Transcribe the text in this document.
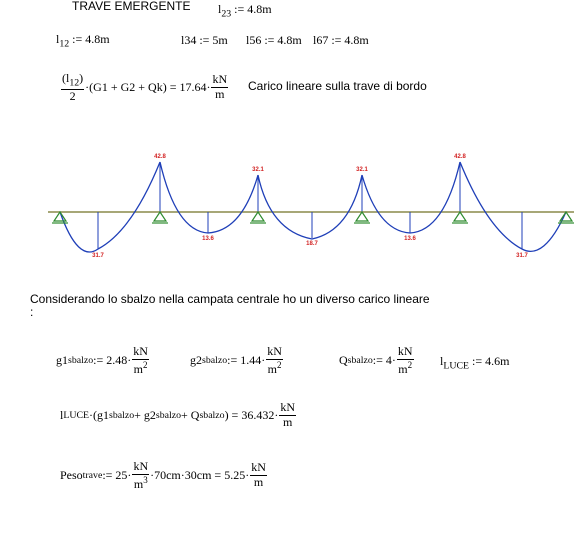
TRAVE EMERGENTE $l_{23}$ := 4.8m
$l_{12}$ := 4.8m	l34 := 5m l56 := 4.8m l67 := 4.8m
$\frac{(l_{12})}{2} \cdot(G1 + G2 + Qk) = 17.64\cdot \frac{kN}{m}$ Carico lineare sulla trave di bordo
42.8
32.1	32.1
42.8
31.7
13.6
18.7
13.6
31.7
Considerando lo sbalzo nella campata centrale ho un diverso carico lineare
:
g1 sbalzo := $2.48\cdot \frac{kN}{m^2}$	g2 sbalzo := $1.44\cdot \frac{kN}{m^2}$	Q sbalzo := $4\cdot \frac{kN}{m^2} l_{LUCE}$ := 4.6m
l LUCE ·(g1 sbalzo + g2 sbalzo + Q sbalzo ) = $36.432\cdot \frac{kN}{m}$
Peso trave := $25\cdot \frac{kN}{m^3} \cdot 70cm\cdot 30cm = 5.25\cdot \frac{kN}{m}$
